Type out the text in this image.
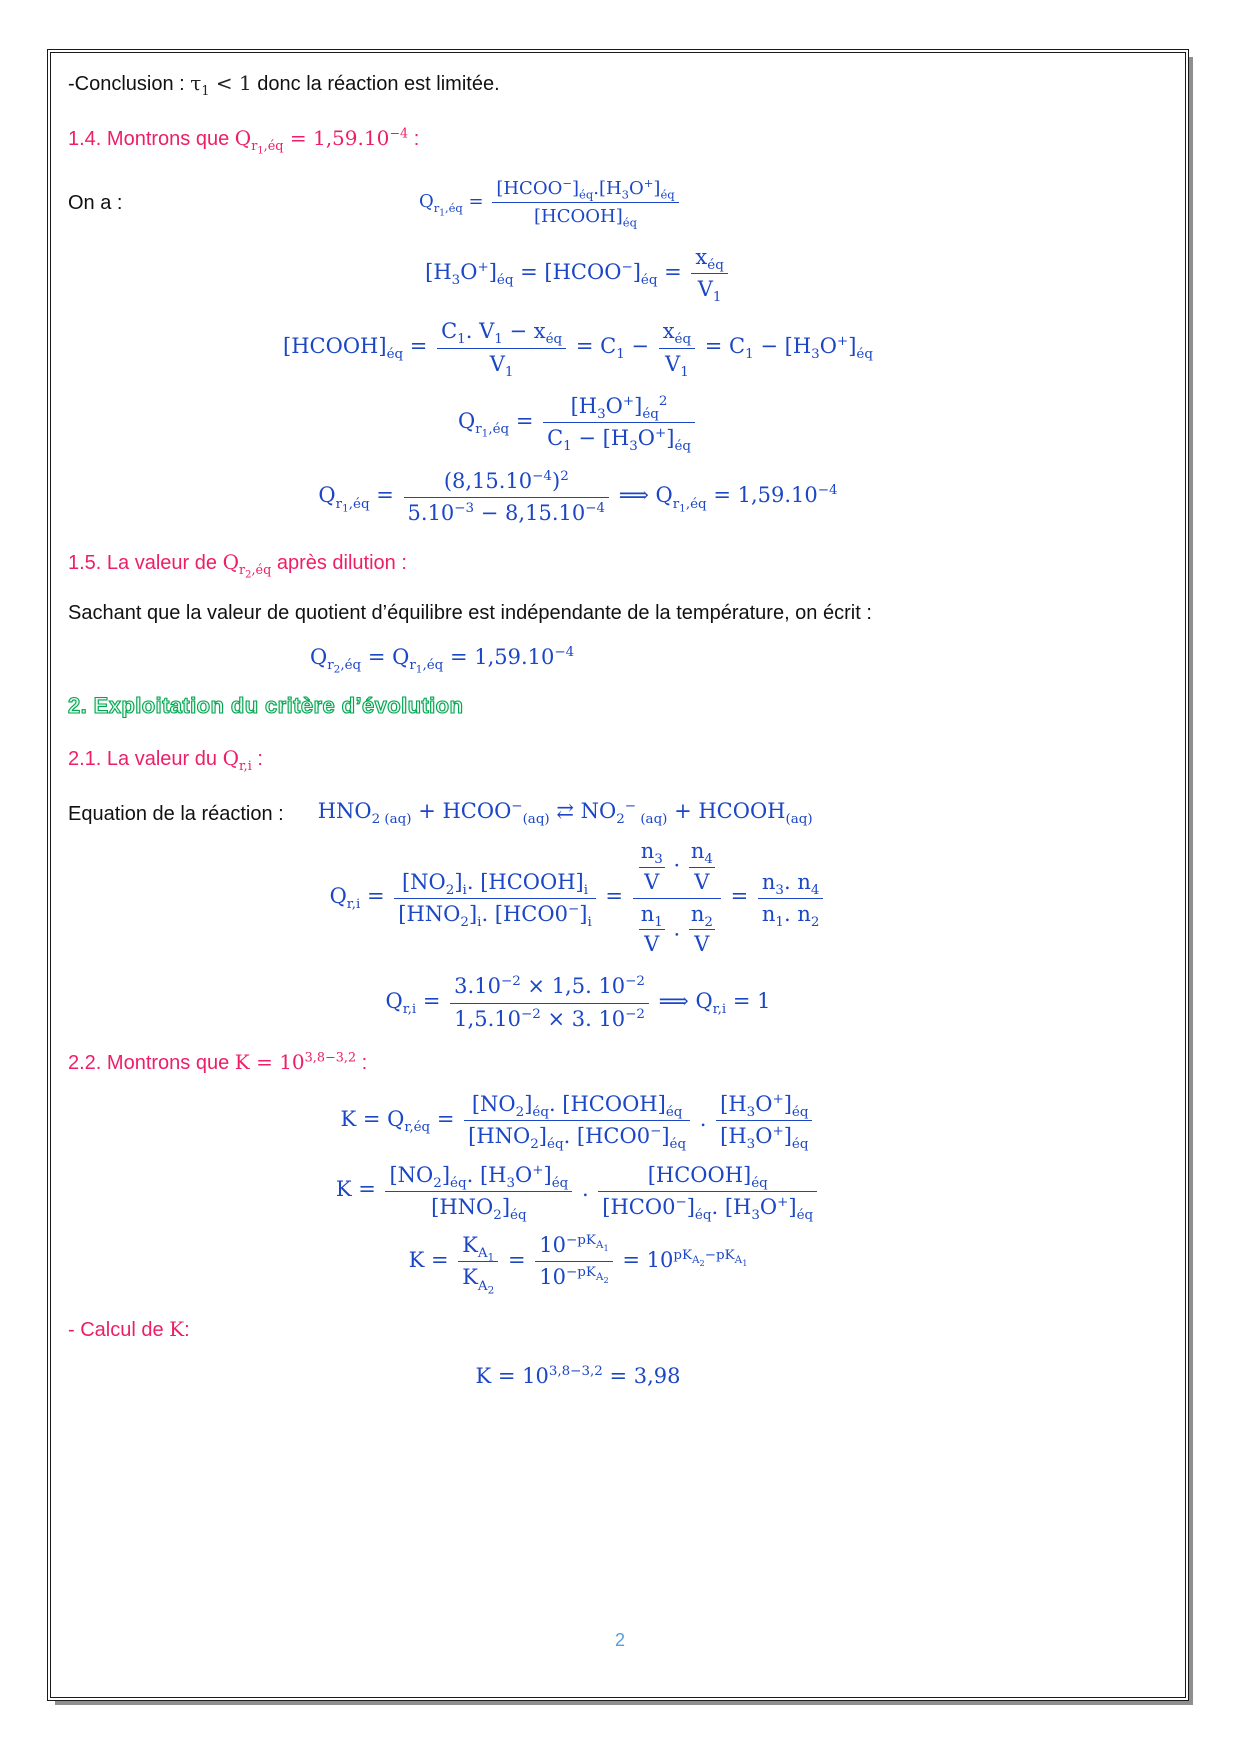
-Conclusion : $\tau_1 < 1$ donc la réaction est limitée.
1.4. Montrons que $Q_{r_1,éq} = 1,59.10^{-4}$ :
On a :	$Q_{r_1,éq} = \frac{[HCOO^-]_{éq}.[H_3O^+]_{éq}}{[HCOOH]_{éq}}$
$[H_3O^+]_{éq}$ = $[HCOO^-]_{éq} = \frac{x_{éq}}{V_1}$
$[HCOOH]_{éq} = \frac{C_1. V_1 - x_{éq}}{V_1} = C_1 - \frac{x_{éq}}{V_1} = C_1 - [H_3O^+]_{éq}$
$Q_{r_1,éq} = \frac{[H_3O^+]_{éq}^2}{C_1 - [H_3O^+]_{éq}}$
$Q_{r_1,éq} = \frac{(8,15.10^{-4})^2}{5.10^{-3} - 8,15.10^{-4}}$ ⟹ $Q_{r_1,éq} = 1,59.10^{-4}$
1.5. La valeur de $Q_{r_2,éq}$ après dilution :
Sachant que la valeur de quotient d’équilibre est indépendante de la température, on écrit :
$Q_{r_2,éq} = Q_{r_1,éq} = 1,59.10^{-4}$
2. Exploitation du critère d’évolution
2.1. La valeur du $Q_{r,i}$ :
Equation de la réaction : $HNO_{2 (aq)}$ + $HCOO^-_{(aq)}$ ⇄ $NO_2^-$ $_{(aq)} + HCOOH_{(aq)}$
$Q_{r,i} = \frac{[NO_2]_i. [HCOOH]_i}{[HNO_2]_i. [HCO0^-]_i} = \frac{\frac{n_3}{V} \cdot \frac{n_4}{V}}{\frac{n_1}{V} . \frac{n_2}{V}} = \frac{n_3. n_4}{n_1. n_2}$
$Q_{r,i} = \frac{3.10^{-2} \times 1,5. 10^{-2}}{1,5.10^{-2} \times 3. 10^{-2}}$ ⟹ $Q_{r,i} = 1$
2.2. Montrons que $K = 10^{3,8-3,2}$ :
$K = Q_{r,éq} = \frac{[NO_2]_{éq}. [HCOOH]_{éq}}{[HNO_2]_{éq}. [HCO0^-]_{éq}}$ . $\frac{[H_3O^+]_{éq}}{[H_3O^+]_{éq}}$
$K = \frac{[NO_2]_{éq}. [H_3O^+]_{éq}}{[HNO_2]_{éq}}$ . $\frac{[HCOOH]_{éq}}{[HCO0^-]_{éq}. [H_3O^+]_{éq}}$
$K = \frac{K_{A_1}}{K_{A_2}} = \frac{10^{-pK_{A_1}}}{10^{-pK_{A_2}}} = 10^{pK_{A_2}-pK_{A_1}}$
- Calcul de K:
$K = 10^{3,8-3,2} = 3,98$
2
